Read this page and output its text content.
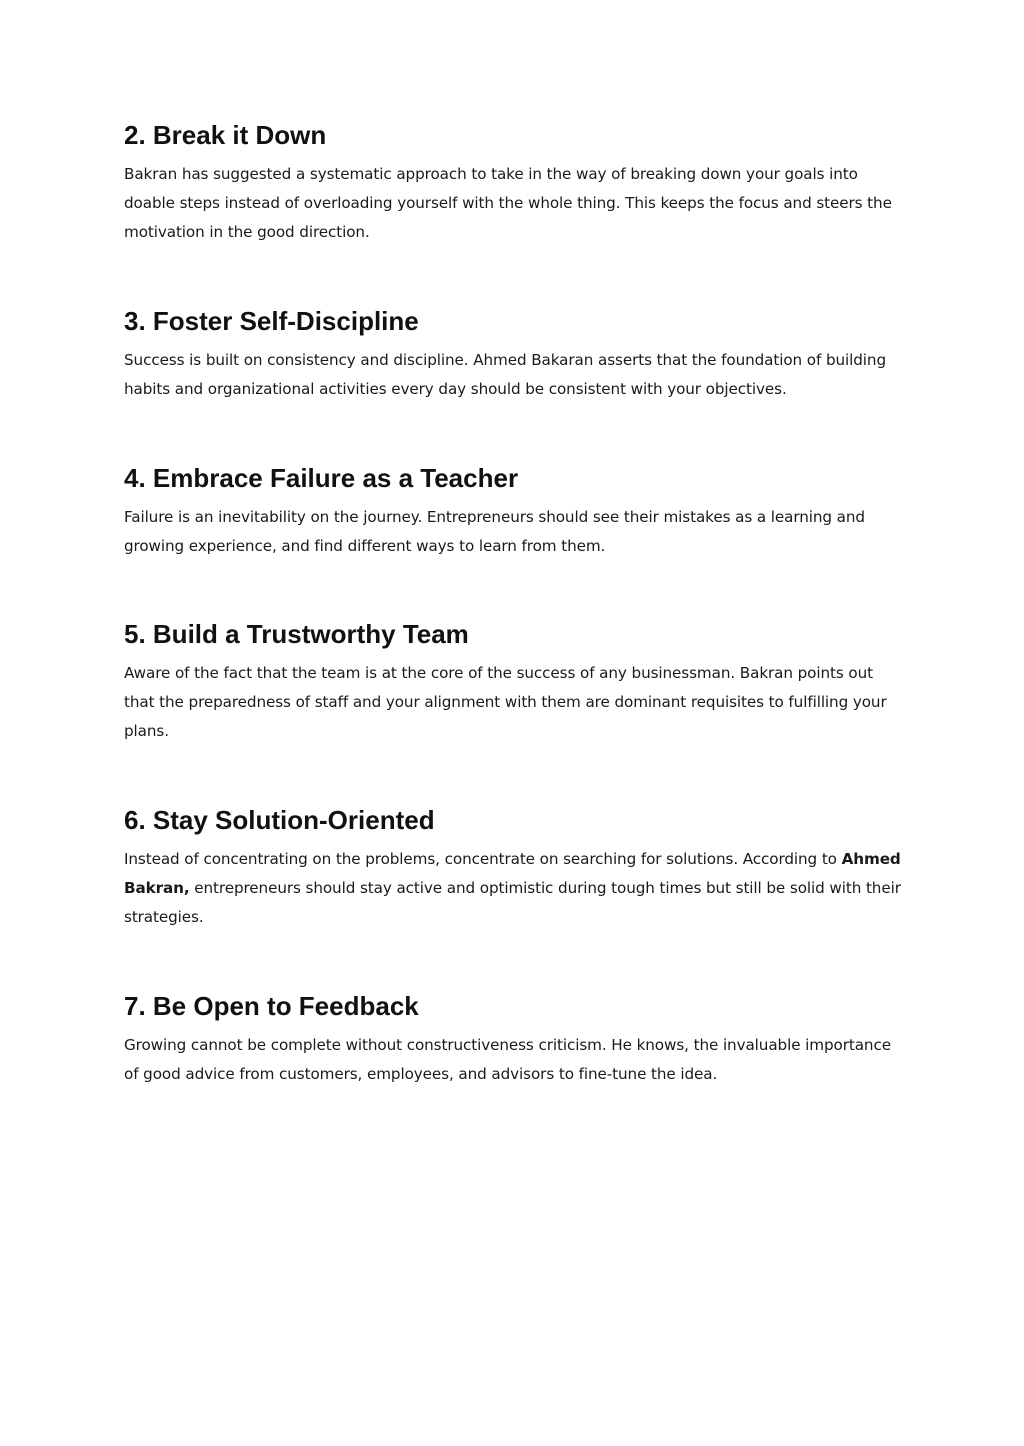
2. Break it Down

Bakran has suggested a systematic approach to take in the way of breaking down your goals into doable steps instead of overloading yourself with the whole thing. This keeps the focus and steers the motivation in the good direction.

3. Foster Self-Discipline

Success is built on consistency and discipline. Ahmed Bakaran asserts that the foundation of building habits and organizational activities every day should be consistent with your objectives.

4. Embrace Failure as a Teacher

Failure is an inevitability on the journey. Entrepreneurs should see their mistakes as a learning and growing experience, and find different ways to learn from them.

5. Build a Trustworthy Team

Aware of the fact that the team is at the core of the success of any businessman. Bakran points out that the preparedness of staff and your alignment with them are dominant requisites to fulfilling your plans.

6. Stay Solution-Oriented

Instead of concentrating on the problems, concentrate on searching for solutions. According to Ahmed Bakran, entrepreneurs should stay active and optimistic during tough times but still be solid with their strategies.

7. Be Open to Feedback

Growing cannot be complete without constructiveness criticism. He knows, the invaluable importance of good advice from customers, employees, and advisors to fine-tune the idea.
